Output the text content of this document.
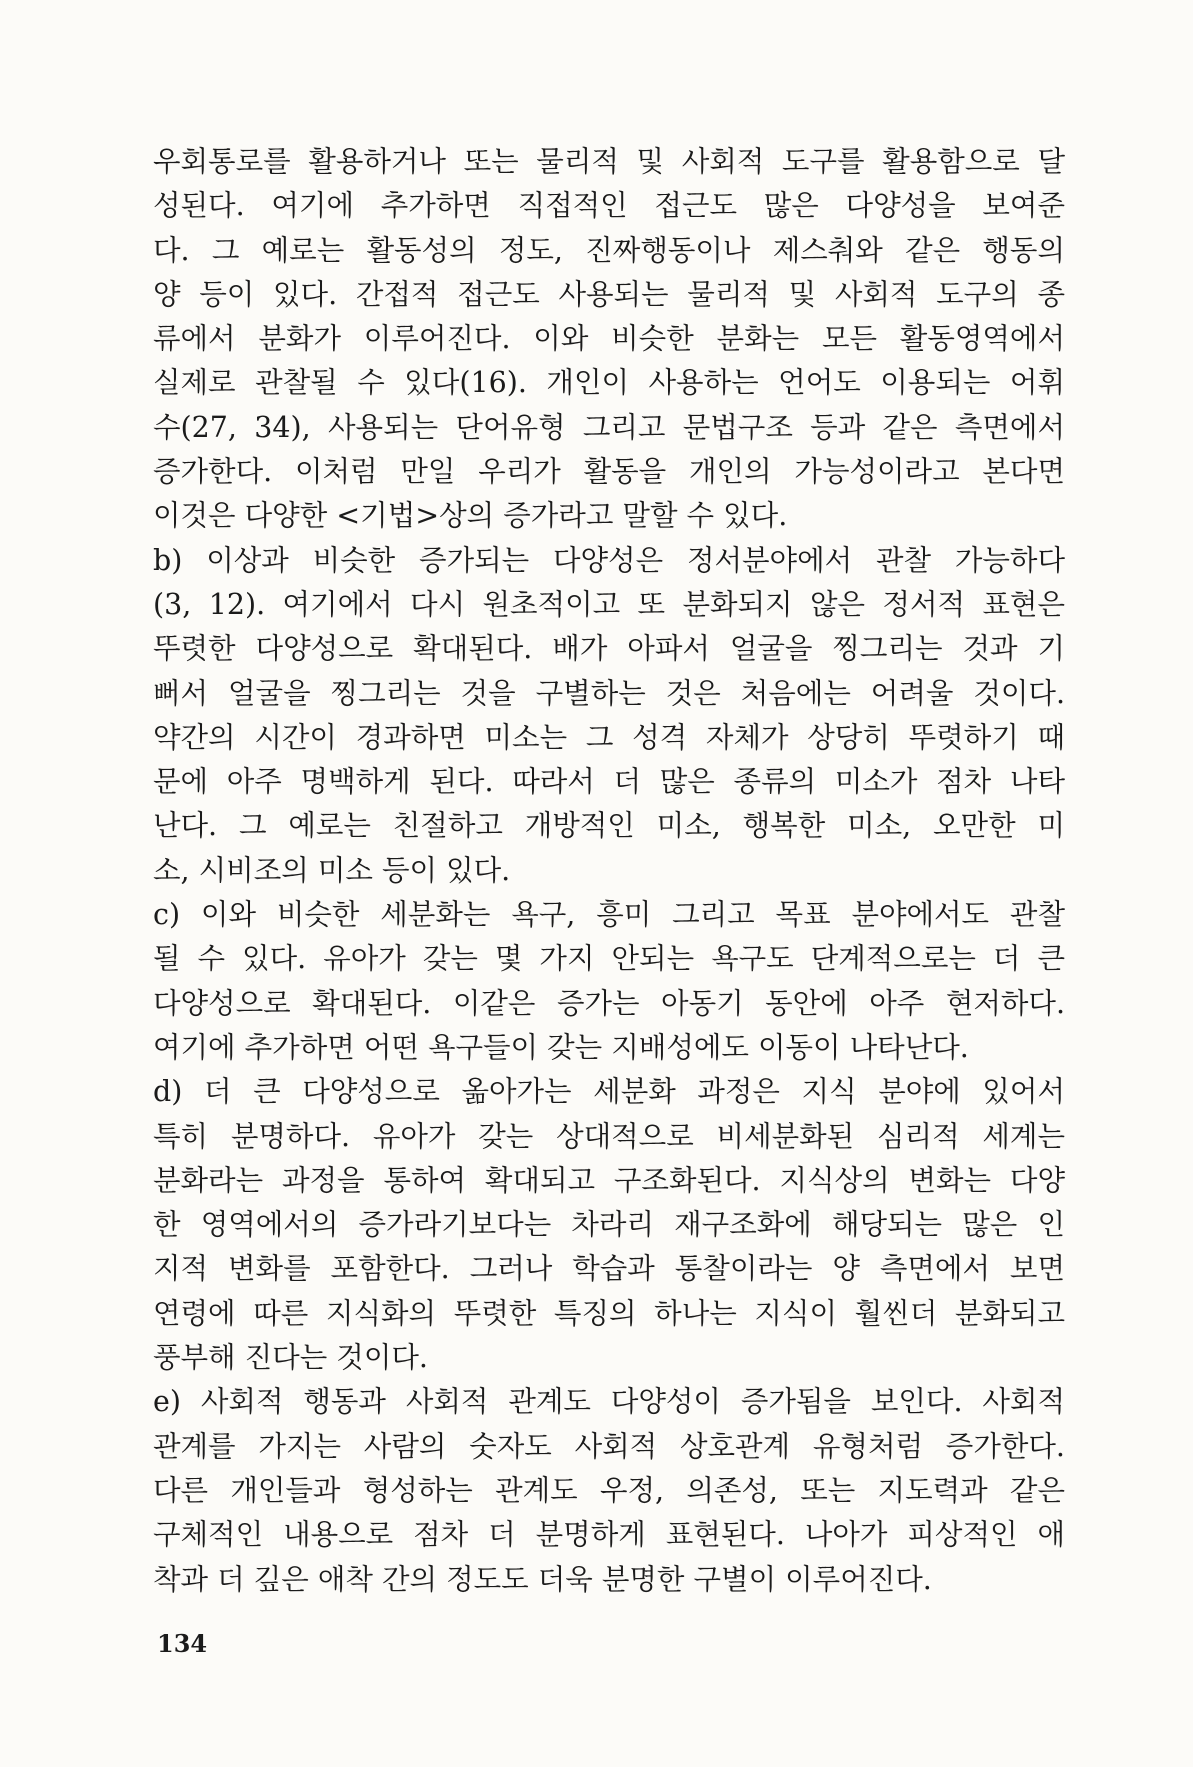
우회통로를 활용하거나 또는 물리적 및 사회적 도구를 활용함으로 달
성된다. 여기에 추가하면 직접적인 접근도 많은 다양성을 보여준
다. 그 예로는 활동성의 정도, 진짜행동이나 제스춰와 같은 행동의
양 등이 있다. 간접적 접근도 사용되는 물리적 및 사회적 도구의 종
류에서 분화가 이루어진다. 이와 비슷한 분화는 모든 활동영역에서
실제로 관찰될 수 있다(16). 개인이 사용하는 언어도 이용되는 어휘
수(27, 34), 사용되는 단어유형 그리고 문법구조 등과 같은 측면에서
증가한다. 이처럼 만일 우리가 활동을 개인의 가능성이라고 본다면
이것은 다양한 <기법>상의 증가라고 말할 수 있다.
b) 이상과 비슷한 증가되는 다양성은 정서분야에서 관찰 가능하다
(3, 12). 여기에서 다시 원초적이고 또 분화되지 않은 정서적 표현은
뚜렷한 다양성으로 확대된다. 배가 아파서 얼굴을 찡그리는 것과 기
뻐서 얼굴을 찡그리는 것을 구별하는 것은 처음에는 어려울 것이다.
약간의 시간이 경과하면 미소는 그 성격 자체가 상당히 뚜렷하기 때
문에 아주 명백하게 된다. 따라서 더 많은 종류의 미소가 점차 나타
난다. 그 예로는 친절하고 개방적인 미소, 행복한 미소, 오만한 미
소, 시비조의 미소 등이 있다.
c) 이와 비슷한 세분화는 욕구, 흥미 그리고 목표 분야에서도 관찰
될 수 있다. 유아가 갖는 몇 가지 안되는 욕구도 단계적으로는 더 큰
다양성으로 확대된다. 이같은 증가는 아동기 동안에 아주 현저하다.
여기에 추가하면 어떤 욕구들이 갖는 지배성에도 이동이 나타난다.
d) 더 큰 다양성으로 옮아가는 세분화 과정은 지식 분야에 있어서
특히 분명하다. 유아가 갖는 상대적으로 비세분화된 심리적 세계는
분화라는 과정을 통하여 확대되고 구조화된다. 지식상의 변화는 다양
한 영역에서의 증가라기보다는 차라리 재구조화에 해당되는 많은 인
지적 변화를 포함한다. 그러나 학습과 통찰이라는 양 측면에서 보면
연령에 따른 지식화의 뚜렷한 특징의 하나는 지식이 훨씬더 분화되고
풍부해 진다는 것이다.
e) 사회적 행동과 사회적 관계도 다양성이 증가됨을 보인다. 사회적
관계를 가지는 사람의 숫자도 사회적 상호관계 유형처럼 증가한다.
다른 개인들과 형성하는 관계도 우정, 의존성, 또는 지도력과 같은
구체적인 내용으로 점차 더 분명하게 표현된다. 나아가 피상적인 애
착과 더 깊은 애착 간의 정도도 더욱 분명한 구별이 이루어진다.
134
